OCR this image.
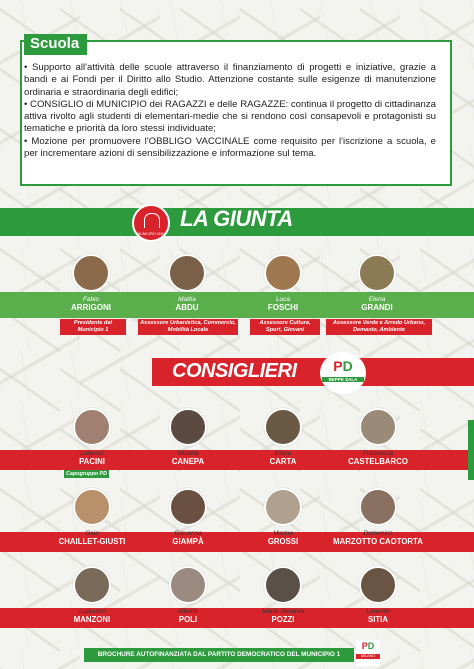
Scuola

• Supporto all'attività delle scuole attraverso il finanziamento di progetti e iniziative, grazie a bandi e ai Fondi per il Diritto allo Studio. Attenzione costante sulle esigenze di manutenzione ordinaria e straordinaria degli edifici;

• CONSIGLIO di MUNICIPIO dei RAGAZZI e delle RAGAZZE: continua il progetto di cittadinanza attiva rivolto agli studenti di elementari-medie che si rendono così consapevoli e protagonisti su tematiche e priorità da loro stessi individuate;

• Mozione per promuovere l'OBBLIGO VACCINALE come requisito per l'iscrizione a scuola, e per incrementare azioni di sensibilizzazione e informazione sul tema.

MUNICIPIO UNO
LA GIUNTA
Fabio
ARRIGONI
Presidente del Municipio 1
Mattia
ABDU
Assessore Urbanistica, Commercio, Mobilità Locale
Luca
FOSCHI
Assessore Cultura, Sport, Giovani
Elena
GRANDI
Assessore Verde e Arredo Urbano, Demanio, Ambiente
CONSIGLIERI	PD
BEPPE SALA
Lorenzo
PACINI
Capogruppo PD
Modela
CANEPA
Elena
CARTA
Francesca
CASTELBARCO
Gaia
CHAILLET-GIUSTI
Giovanna
GIAMPÀ
Marina
GROSSI
Domenico
MARZOTTO CAOTORTA
Ludovico
MANZONI
Alberto
POLI
Maria Stefania
POZZI
Lorenzo
SITIA
BROCHURE AUTOFINANZIATA DAL PARTITO DEMOCRATICO DEL MUNICIPIO 1
PD
MILANO
